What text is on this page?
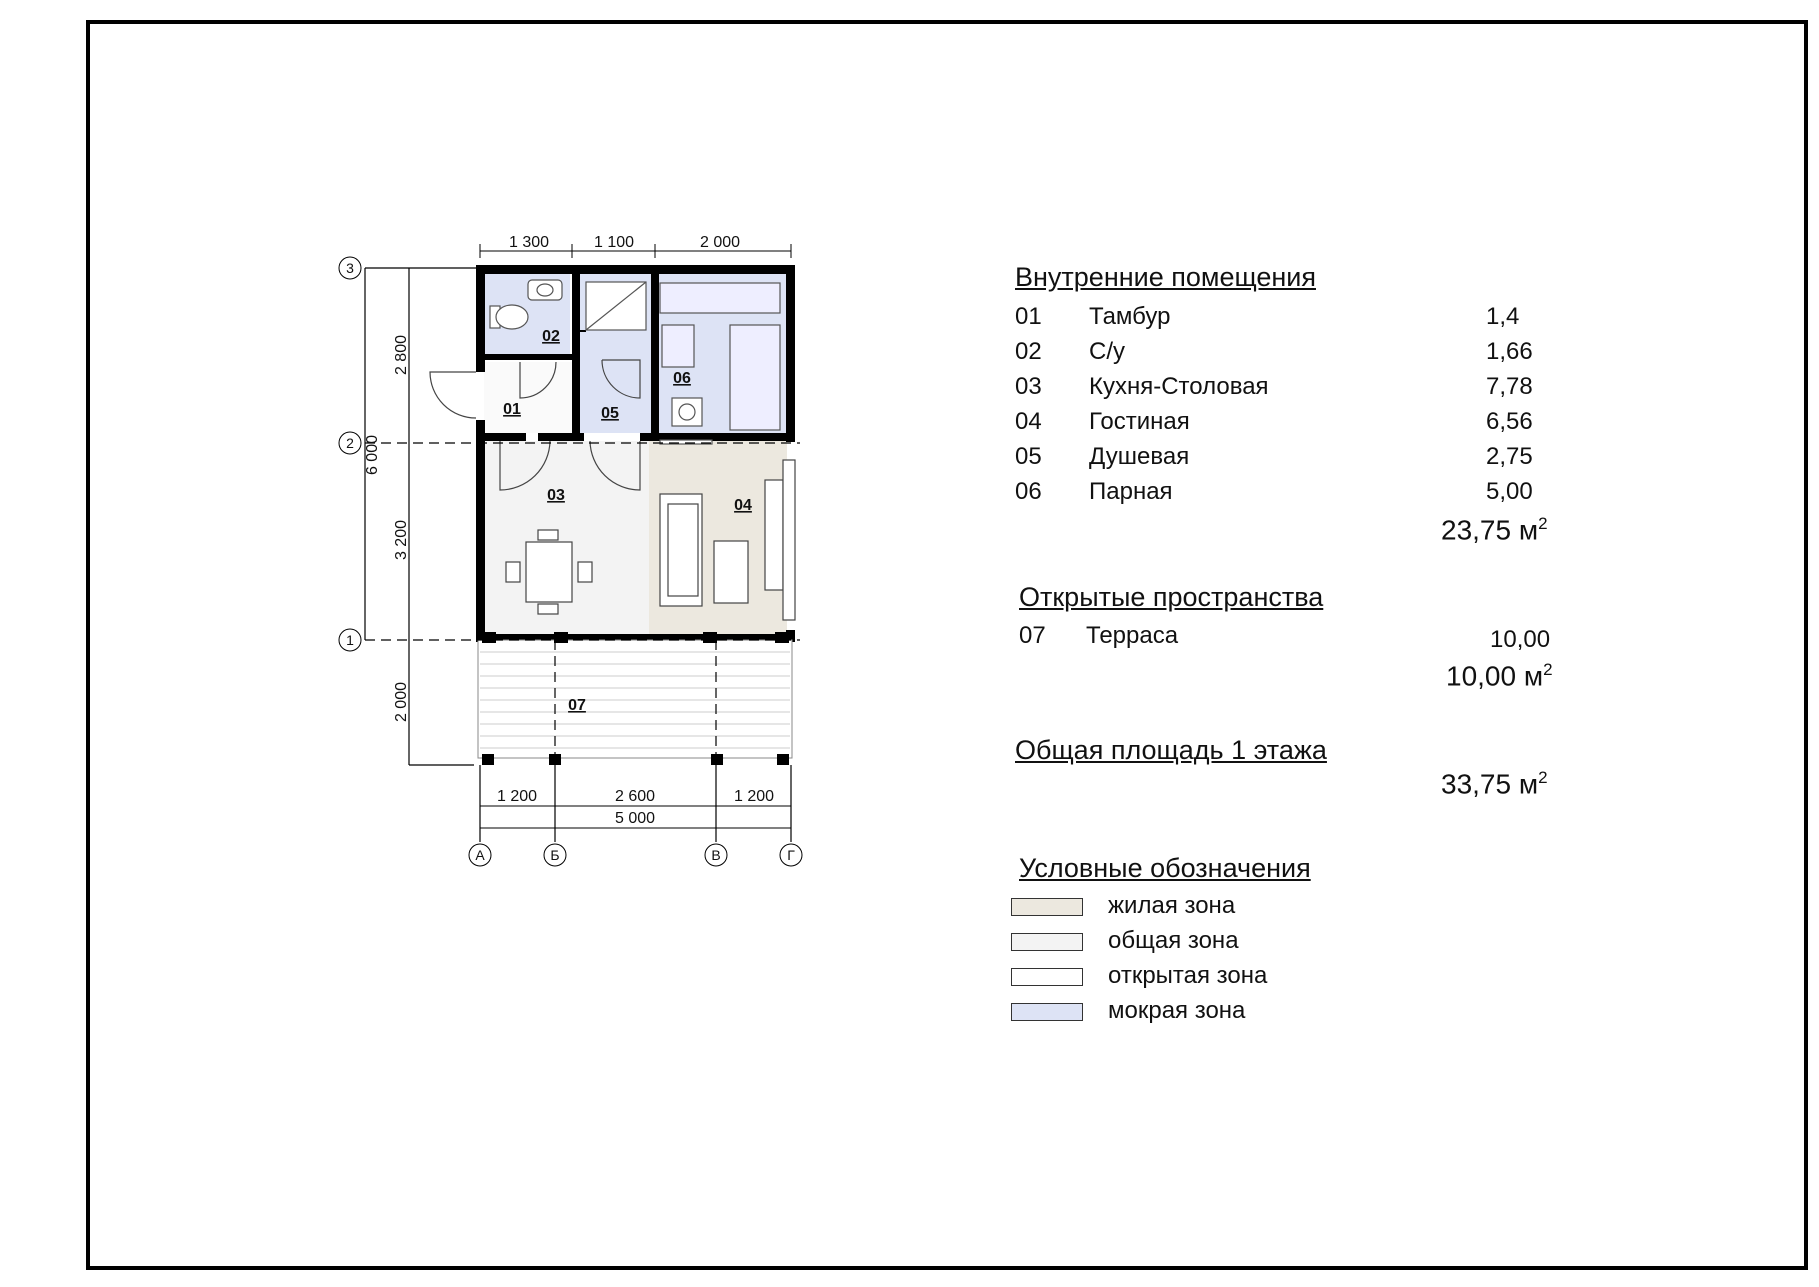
1 300	1 100	2 000
2 800
3 200
2 000
6 000
1 200	2 600	1 200
5 000
3
2
1
А	Б	В	Г
01
02
03
04
05
06
07
Внутренние помещения
01 Тамбур	1,4
02 С/у	1,66
03 Кухня-Столовая	7,78
04 Гостиная	6,56
05 Душевая	2,75
06 Парная	5,00
23,75 $м^2$
Открытые пространства
07 Терраса	10,00
10,00 $м^2$
Общая площадь 1 этажа
33,75 $м^2$
Условные обозначения
жилая зона
общая зона
открытая зона
мокрая зона
